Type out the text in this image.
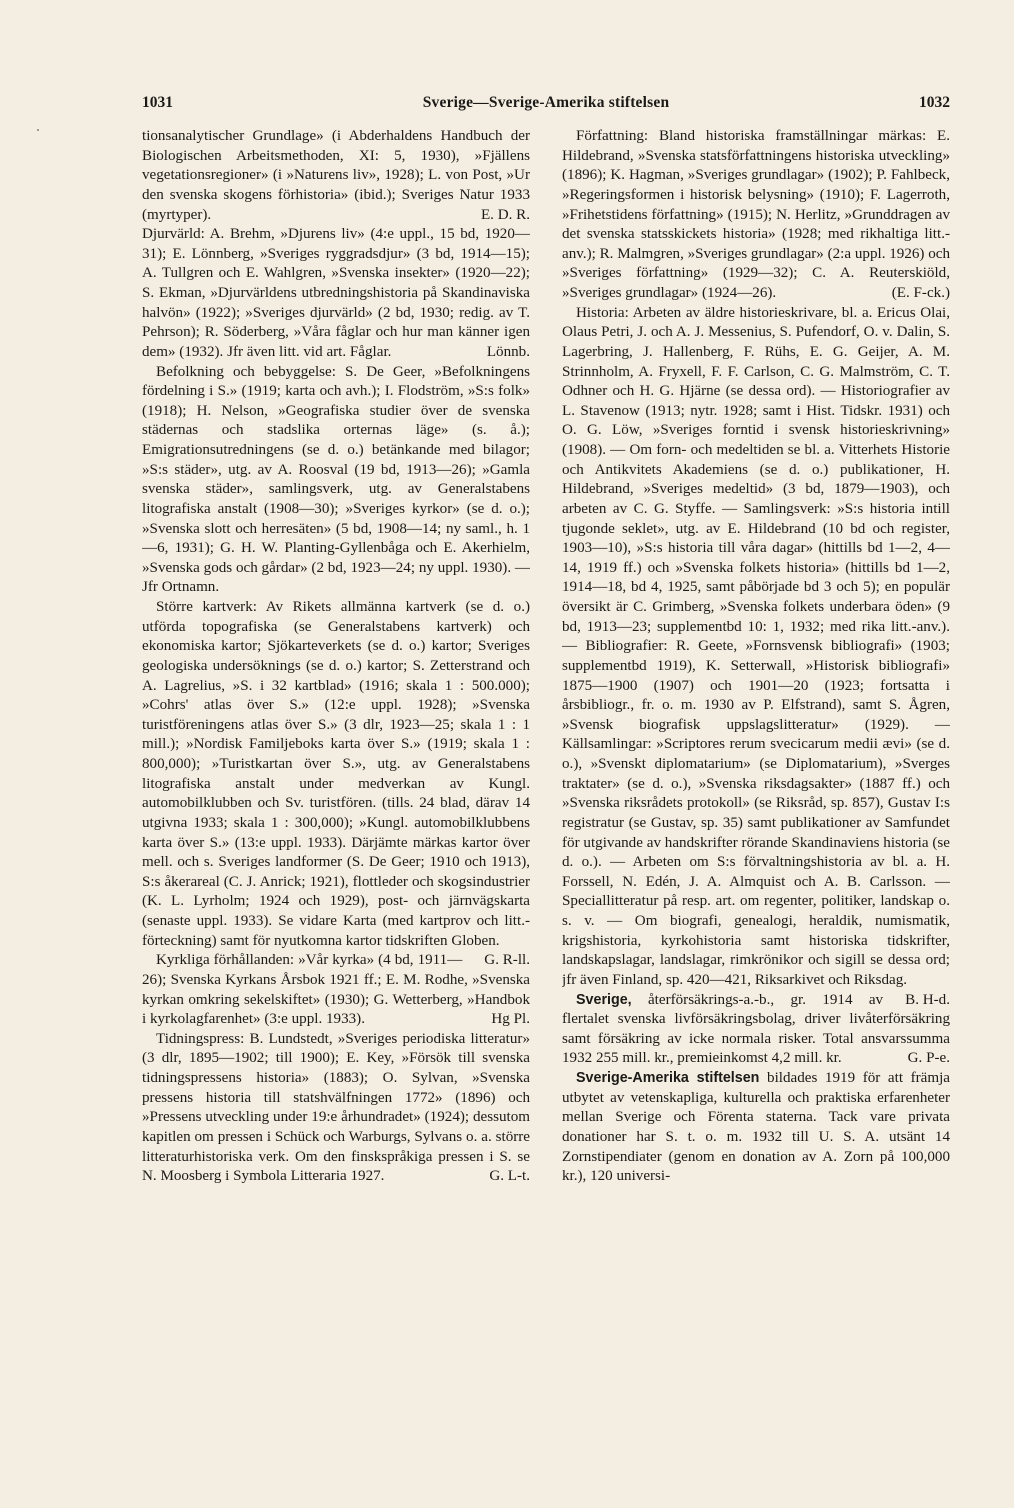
1031	Sverige—Sverige-Amerika stiftelsen	1032

tionsanalytischer Grundlage» (i Abderhaldens Handbuch der Biologischen Arbeitsmethoden, XI: 5, 1930), »Fjällens vegetationsregioner» (i »Naturens liv», 1928); L. von Post, »Ur den svenska skogens förhistoria» (ibid.); Sveriges Natur 1933 (myrtyper).	E. D. R.

Djurvärld: A. Brehm, »Djurens liv» (4:e uppl., 15 bd, 1920—31); E. Lönnberg, »Sveriges ryggradsdjur» (3 bd, 1914—15); A. Tullgren och E. Wahlgren, »Svenska insekter» (1920—22); S. Ekman, »Djurvärldens utbredningshistoria på Skandinaviska halvön» (1922); »Sveriges djurvärld» (2 bd, 1930; redig. av T. Pehrson); R. Söderberg, »Våra fåglar och hur man känner igen dem» (1932). Jfr även litt. vid art. Fåglar.	Lönnb.

Befolkning och bebyggelse: S. De Geer, »Befolkningens fördelning i S.» (1919; karta och avh.); I. Flodström, »S:s folk» (1918); H. Nelson, »Geografiska studier över de svenska städernas och stadslika orternas läge» (s. å.); Emigrationsutredningens (se d. o.) betänkande med bilagor; »S:s städer», utg. av A. Roosval (19 bd, 1913—26); »Gamla svenska städer», samlingsverk, utg. av Generalstabens litografiska anstalt (1908—30); »Sveriges kyrkor» (se d. o.); »Svenska slott och herresäten» (5 bd, 1908—14; ny saml., h. 1—6, 1931); G. H. W. Planting-Gyllenbåga och E. Akerhielm, »Svenska gods och gårdar» (2 bd, 1923—24; ny uppl. 1930). — Jfr Ortnamn.

Större kartverk: Av Rikets allmänna kartverk (se d. o.) utförda topografiska (se Generalstabens kartverk) och ekonomiska kartor; Sjökarteverkets (se d. o.) kartor; Sveriges geologiska undersöknings (se d. o.) kartor; S. Zetterstrand och A. Lagrelius, »S. i 32 kartblad» (1916; skala 1 : 500.000); »Cohrs' atlas över S.» (12:e uppl. 1928); »Svenska turistföreningens atlas över S.» (3 dlr, 1923—25; skala 1 : 1 mill.); »Nordisk Familjeboks karta över S.» (1919; skala 1 : 800,000); »Turistkartan över S.», utg. av Generalstabens litografiska anstalt under medverkan av Kungl. automobilklubben och Sv. turistfören. (tills. 24 blad, därav 14 utgivna 1933; skala 1 : 300,000); »Kungl. automobilklubbens karta över S.» (13:e uppl. 1933). Därjämte märkas kartor över mell. och s. Sveriges landformer (S. De Geer; 1910 och 1913), S:s åkerareal (C. J. Anrick; 1921), flottleder och skogsindustrier (K. L. Lyrholm; 1924 och 1929), post- och järnvägskarta (senaste uppl. 1933). Se vidare Karta (med kartprov och litt.-förteckning) samt för nyutkomna kartor tidskriften Globen.
G. R-ll.

Kyrkliga förhållanden: »Vår kyrka» (4 bd, 1911—26); Svenska Kyrkans Årsbok 1921 ff.; E. M. Rodhe, »Svenska kyrkan omkring sekelskiftet» (1930); G. Wetterberg, »Handbok i kyrkolagfarenhet» (3:e uppl. 1933).	Hg Pl.

Tidningspress: B. Lundstedt, »Sveriges periodiska litteratur» (3 dlr, 1895—1902; till 1900); E. Key, »Försök till svenska tidningspressens historia» (1883); O. Sylvan, »Svenska pressens historia till statshvälfningen 1772» (1896) och »Pressens utveckling under 19:e århundradet» (1924); dessutom kapitlen om pressen i Schück och Warburgs, Sylvans o. a. större litteraturhistoriska verk. Om den finskspråkiga pressen i S. se N. Moosberg i Symbola Litteraria 1927.	G. L-t.

Författning: Bland historiska framställningar märkas: E. Hildebrand, »Svenska statsförfattningens historiska utveckling» (1896); K. Hagman, »Sveriges grundlagar» (1902); P. Fahlbeck, »Regeringsformen i historisk belysning» (1910); F. Lagerroth, »Frihetstidens författning» (1915); N. Herlitz, »Grunddragen av det svenska statsskickets historia» (1928; med rikhaltiga litt.-anv.); R. Malmgren, »Sveriges grundlagar» (2:a uppl. 1926) och »Sveriges författning» (1929—32); C. A. Reuterskiöld, »Sveriges grundlagar» (1924—26).	(E. F-ck.)

Historia: Arbeten av äldre historieskrivare, bl. a. Ericus Olai, Olaus Petri, J. och A. J. Messenius, S. Pufendorf, O. v. Dalin, S. Lagerbring, J. Hallenberg, F. Rühs, E. G. Geijer, A. M. Strinnholm, A. Fryxell, F. F. Carlson, C. G. Malmström, C. T. Odhner och H. G. Hjärne (se dessa ord). — Historiografier av L. Stavenow (1913; nytr. 1928; samt i Hist. Tidskr. 1931) och O. G. Löw, »Sveriges forntid i svensk historieskrivning» (1908). — Om forn- och medeltiden se bl. a. Vitterhets Historie och Antikvitets Akademiens (se d. o.) publikationer, H. Hildebrand, »Sveriges medeltid» (3 bd, 1879—1903), och arbeten av C. G. Styffe. — Samlingsverk: »S:s historia intill tjugonde seklet», utg. av E. Hildebrand (10 bd och register, 1903—10), »S:s historia till våra dagar» (hittills bd 1—2, 4—14, 1919 ff.) och »Svenska folkets historia» (hittills bd 1—2, 1914—18, bd 4, 1925, samt påbörjade bd 3 och 5); en populär översikt är C. Grimberg, »Svenska folkets underbara öden» (9 bd, 1913—23; supplementbd 10: 1, 1932; med rika litt.-anv.). — Bibliografier: R. Geete, »Fornsvensk bibliografi» (1903; supplementbd 1919), K. Setterwall, »Historisk bibliografi» 1875—1900 (1907) och 1901—20 (1923; fortsatta i årsbibliogr., fr. o. m. 1930 av P. Elfstrand), samt S. Ågren, »Svensk biografisk uppslagslitteratur» (1929). — Källsamlingar: »Scriptores rerum svecicarum medii ævi» (se d. o.), »Svenskt diplomatarium» (se Diplomatarium), »Sverges traktater» (se d. o.), »Svenska riksdagsakter» (1887 ff.) och »Svenska riksrådets protokoll» (se Riksråd, sp. 857), Gustav I:s registratur (se Gustav, sp. 35) samt publikationer av Samfundet för utgivande av handskrifter rörande Skandinaviens historia (se d. o.). — Arbeten om S:s förvaltningshistoria av bl. a. H. Forssell, N. Edén, J. A. Almquist och A. B. Carlsson. — Speciallitteratur på resp. art. om regenter, politiker, landskap o. s. v. — Om biografi, genealogi, heraldik, numismatik, krigshistoria, kyrkohistoria samt historiska tidskrifter, landskapslagar, landslagar, rimkrönikor och sigill se dessa ord; jfr även Finland, sp. 420—421, Riksarkivet och Riksdag.
B. H-d.

Sverige, återförsäkrings-a.-b., gr. 1914 av flertalet svenska livförsäkringsbolag, driver livåterförsäkring samt försäkring av icke normala risker. Total ansvarssumma 1932 255 mill. kr., premieinkomst 4,2 mill. kr.	G. P-e.

Sverige-Amerika stiftelsen bildades 1919 för att främja utbytet av vetenskapliga, kulturella och praktiska erfarenheter mellan Sverige och Förenta staterna. Tack vare privata donationer har S. t. o. m. 1932 till U. S. A. utsänt 14 Zornstipendiater (genom en donation av A. Zorn på 100,000 kr.), 120 universi-
